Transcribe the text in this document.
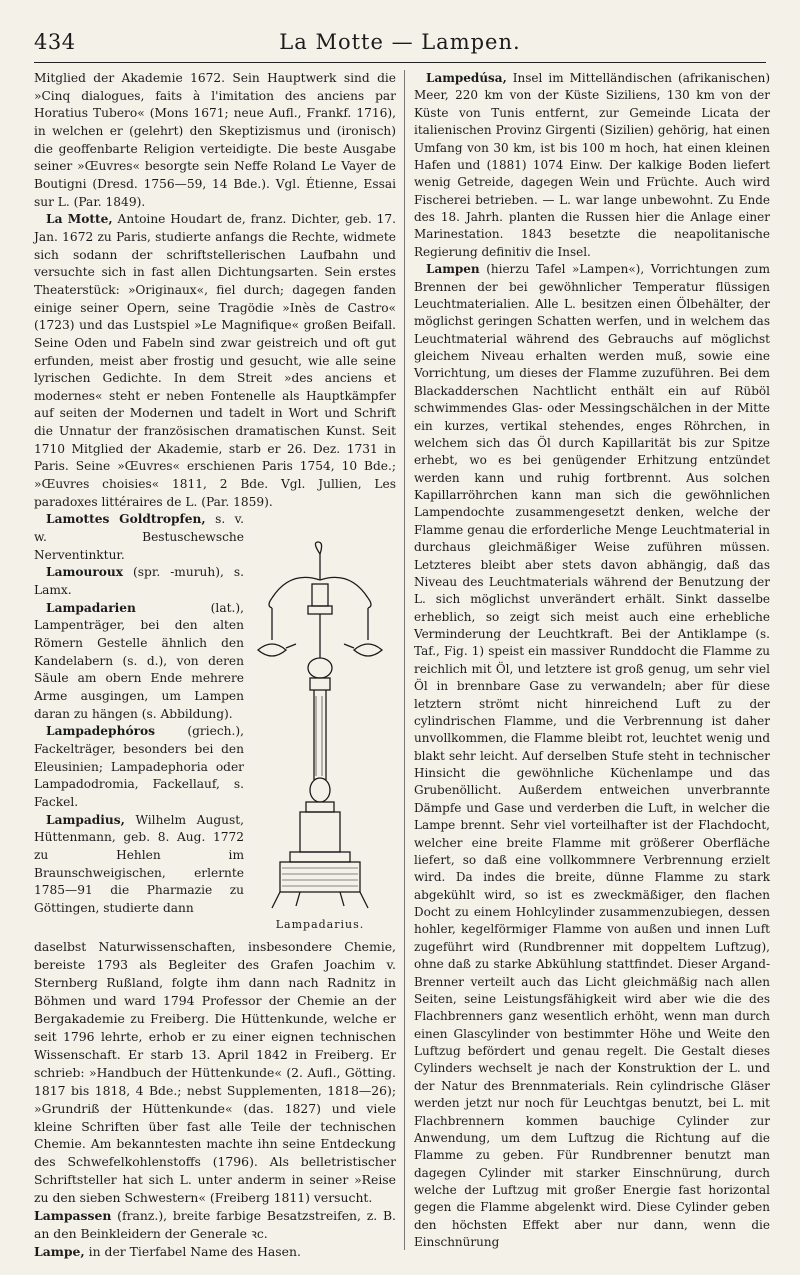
434	La Motte — Lampen.

Mitglied der Akademie 1672. Sein Hauptwerk sind die »Cinq dialogues, faits à l'imitation des anciens par Horatius Tubero« (Mons 1671; neue Aufl., Frankf. 1716), in welchen er (gelehrt) den Skeptizismus und (ironisch) die geoffenbarte Religion verteidigte. Die beste Ausgabe seiner »Œuvres« besorgte sein Neffe Roland Le Vayer de Boutigni (Dresd. 1756—59, 14 Bde.). Vgl. Étienne, Essai sur L. (Par. 1849).

La Motte, Antoine Houdart de, franz. Dichter, geb. 17. Jan. 1672 zu Paris, studierte anfangs die Rechte, widmete sich sodann der schriftstellerischen Laufbahn und versuchte sich in fast allen Dichtungsarten. Sein erstes Theaterstück: »Originaux«, fiel durch; dagegen fanden einige seiner Opern, seine Tragödie »Inès de Castro« (1723) und das Lustspiel »Le Magnifique« großen Beifall. Seine Oden und Fabeln sind zwar geistreich und oft gut erfunden, meist aber frostig und gesucht, wie alle seine lyrischen Gedichte. In dem Streit »des anciens et modernes« steht er neben Fontenelle als Hauptkämpfer auf seiten der Modernen und tadelt in Wort und Schrift die Unnatur der französischen dramatischen Kunst. Seit 1710 Mitglied der Akademie, starb er 26. Dez. 1731 in Paris. Seine »Œuvres« erschienen Paris 1754, 10 Bde.; »Œuvres choisies« 1811, 2 Bde. Vgl. Jullien, Les paradoxes littéraires de L. (Par. 1859).

Lamottes Goldtropfen, s. v. w. Bestuschewsche Nerventinktur.

Lamouroux (spr. -muruh), s. Lamx.

Lampadarien (lat.), Lampenträger, bei den alten Römern Gestelle ähnlich den Kandelabern (s. d.), von deren Säule am obern Ende mehrere Arme ausgingen, um Lampen daran zu hängen (s. Abbildung).

Lampadephóros (griech.), Fackelträger, besonders bei den Eleusinien; Lampadephoria oder Lampadodromia, Fackellauf, s. Fackel.

Lampadius, Wilhelm August, Hüttenmann, geb. 8. Aug. 1772 zu Hehlen im Braunschweigischen, erlernte 1785—91 die Pharmazie zu Göttingen, studierte dann

Lampadarius.

daselbst Naturwissenschaften, insbesondere Chemie, bereiste 1793 als Begleiter des Grafen Joachim v. Sternberg Rußland, folgte ihm dann nach Radnitz in Böhmen und ward 1794 Professor der Chemie an der Bergakademie zu Freiberg. Die Hüttenkunde, welche er seit 1796 lehrte, erhob er zu einer eignen technischen Wissenschaft. Er starb 13. April 1842 in Freiberg. Er schrieb: »Handbuch der Hüttenkunde« (2. Aufl., Götting. 1817 bis 1818, 4 Bde.; nebst Supplementen, 1818—26); »Grundriß der Hüttenkunde« (das. 1827) und viele kleine Schriften über fast alle Teile der technischen Chemie. Am bekanntesten machte ihn seine Entdeckung des Schwefelkohlenstoffs (1796). Als belletristischer Schriftsteller hat sich L. unter anderm in seiner »Reise zu den sieben Schwestern« (Freiberg 1811) versucht.

Lampassen (franz.), breite farbige Besatzstreifen, z. B. an den Beinkleidern der Generale ꝛc.

Lampe, in der Tierfabel Name des Hasen.

Lampedúsa, Insel im Mittelländischen (afrikanischen) Meer, 220 km von der Küste Siziliens, 130 km von der Küste von Tunis entfernt, zur Gemeinde Licata der italienischen Provinz Girgenti (Sizilien) gehörig, hat einen Umfang von 30 km, ist bis 100 m hoch, hat einen kleinen Hafen und (1881) 1074 Einw. Der kalkige Boden liefert wenig Getreide, dagegen Wein und Früchte. Auch wird Fischerei betrieben. — L. war lange unbewohnt. Zu Ende des 18. Jahrh. planten die Russen hier die Anlage einer Marinestation. 1843 besetzte die neapolitanische Regierung definitiv die Insel.

Lampen (hierzu Tafel »Lampen«), Vorrichtungen zum Brennen der bei gewöhnlicher Temperatur flüssigen Leuchtmaterialien. Alle L. besitzen einen Ölbehälter, der möglichst geringen Schatten werfen, und in welchem das Leuchtmaterial während des Gebrauchs auf möglichst gleichem Niveau erhalten werden muß, sowie eine Vorrichtung, um dieses der Flamme zuzuführen. Bei dem Blackadderschen Nachtlicht enthält ein auf Rüböl schwimmendes Glas- oder Messingschälchen in der Mitte ein kurzes, vertikal stehendes, enges Röhrchen, in welchem sich das Öl durch Kapillarität bis zur Spitze erhebt, wo es bei genügender Erhitzung entzündet werden kann und ruhig fortbrennt. Aus solchen Kapillarröhrchen kann man sich die gewöhnlichen Lampendochte zusammengesetzt denken, welche der Flamme genau die erforderliche Menge Leuchtmaterial in durchaus gleichmäßiger Weise zuführen müssen. Letzteres bleibt aber stets davon abhängig, daß das Niveau des Leuchtmaterials während der Benutzung der L. sich möglichst unverändert erhält. Sinkt dasselbe erheblich, so zeigt sich meist auch eine erhebliche Verminderung der Leuchtkraft. Bei der Antiklampe (s. Taf., Fig. 1) speist ein massiver Runddocht die Flamme zu reichlich mit Öl, und letztere ist groß genug, um sehr viel Öl in brennbare Gase zu verwandeln; aber für diese letztern strömt nicht hinreichend Luft zu der cylindrischen Flamme, und die Verbrennung ist daher unvollkommen, die Flamme bleibt rot, leuchtet wenig und blakt sehr leicht. Auf derselben Stufe steht in technischer Hinsicht die gewöhnliche Küchenlampe und das Grubenöllicht. Außerdem entweichen unverbrannte Dämpfe und Gase und verderben die Luft, in welcher die Lampe brennt. Sehr viel vorteilhafter ist der Flachdocht, welcher eine breite Flamme mit größerer Oberfläche liefert, so daß eine vollkommnere Verbrennung erzielt wird. Da indes die breite, dünne Flamme zu stark abgekühlt wird, so ist es zweckmäßiger, den flachen Docht zu einem Hohlcylinder zusammenzubiegen, dessen hohler, kegelförmiger Flamme von außen und innen Luft zugeführt wird (Rundbrenner mit doppeltem Luftzug), ohne daß zu starke Abkühlung stattfindet. Dieser Argand-Brenner verteilt auch das Licht gleichmäßig nach allen Seiten, seine Leistungsfähigkeit wird aber wie die des Flachbrenners ganz wesentlich erhöht, wenn man durch einen Glascylinder von bestimmter Höhe und Weite den Luftzug befördert und genau regelt. Die Gestalt dieses Cylinders wechselt je nach der Konstruktion der L. und der Natur des Brennmaterials. Rein cylindrische Gläser werden jetzt nur noch für Leuchtgas benutzt, bei L. mit Flachbrennern kommen bauchige Cylinder zur Anwendung, um dem Luftzug die Richtung auf die Flamme zu geben. Für Rundbrenner benutzt man dagegen Cylinder mit starker Einschnürung, durch welche der Luftzug mit großer Energie fast horizontal gegen die Flamme abgelenkt wird. Diese Cylinder geben den höchsten Effekt aber nur dann, wenn die Einschnürung
